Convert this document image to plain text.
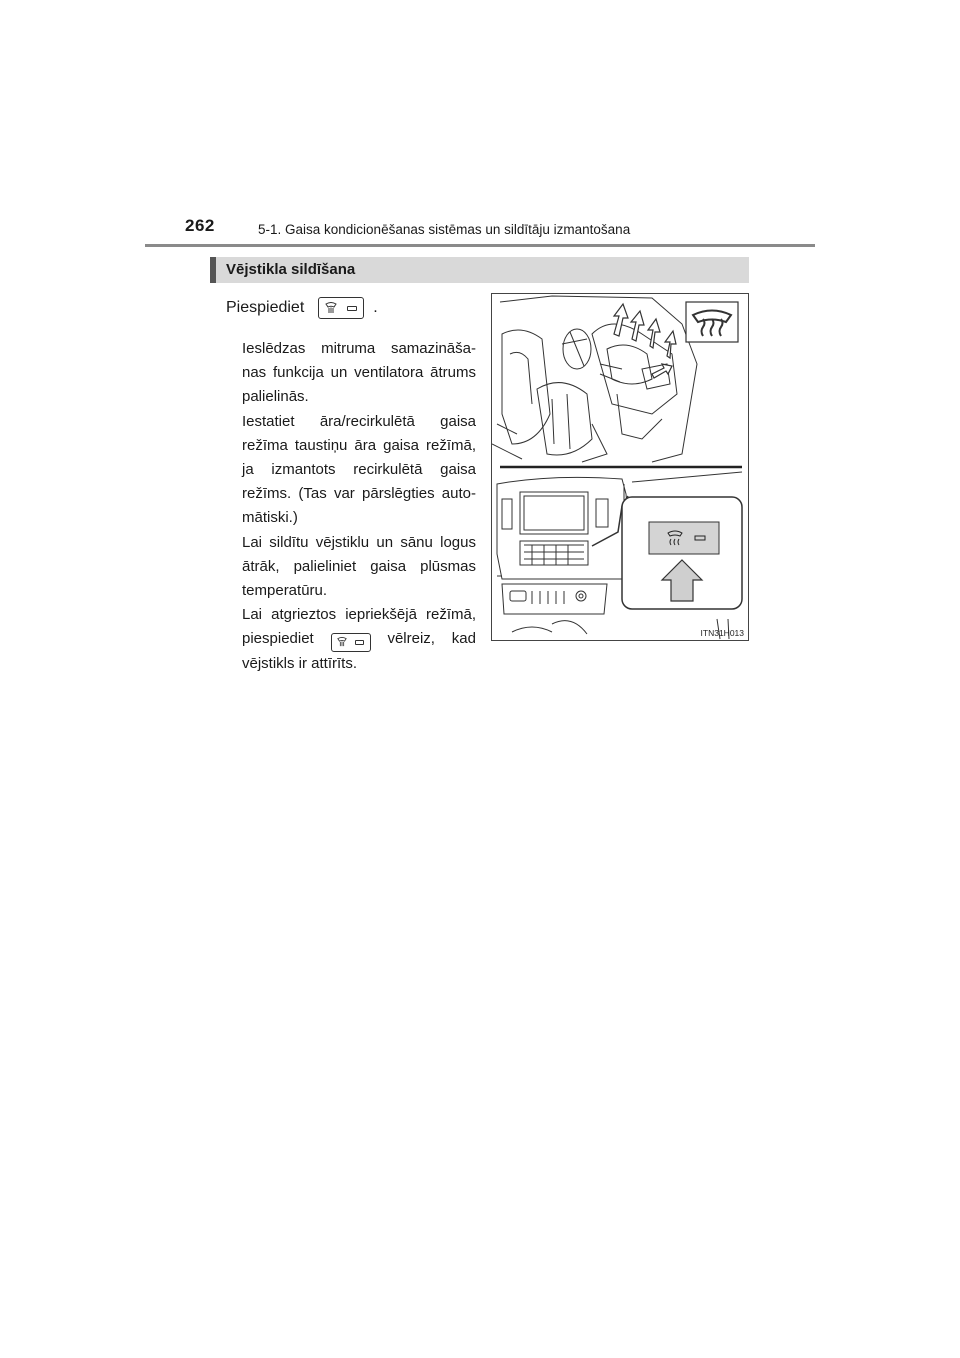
262	5-1. Gaisa kondicionēšanas sistēmas un sildītāju izmantošana
Vējstikla sildīšana
Piespiediet	.

Ieslēdzas mitruma samazināša-nas funkcija un ventilatora ātrums palielinās.

Iestatiet āra/recirkulētā gaisa režīma taustiņu āra gaisa režīmā, ja izmantots recirkulētā gaisa režīms. (Tas var pārslēgties auto-mātiski.)

Lai sildītu vējstiklu un sānu logus ātrāk, palieliniet gaisa plūsmas temperatūru.

Lai atgrieztos iepriekšējā režīmā, piespiediet	vēlreiz, kad vējstikls ir attīrīts.

ITN31H013
